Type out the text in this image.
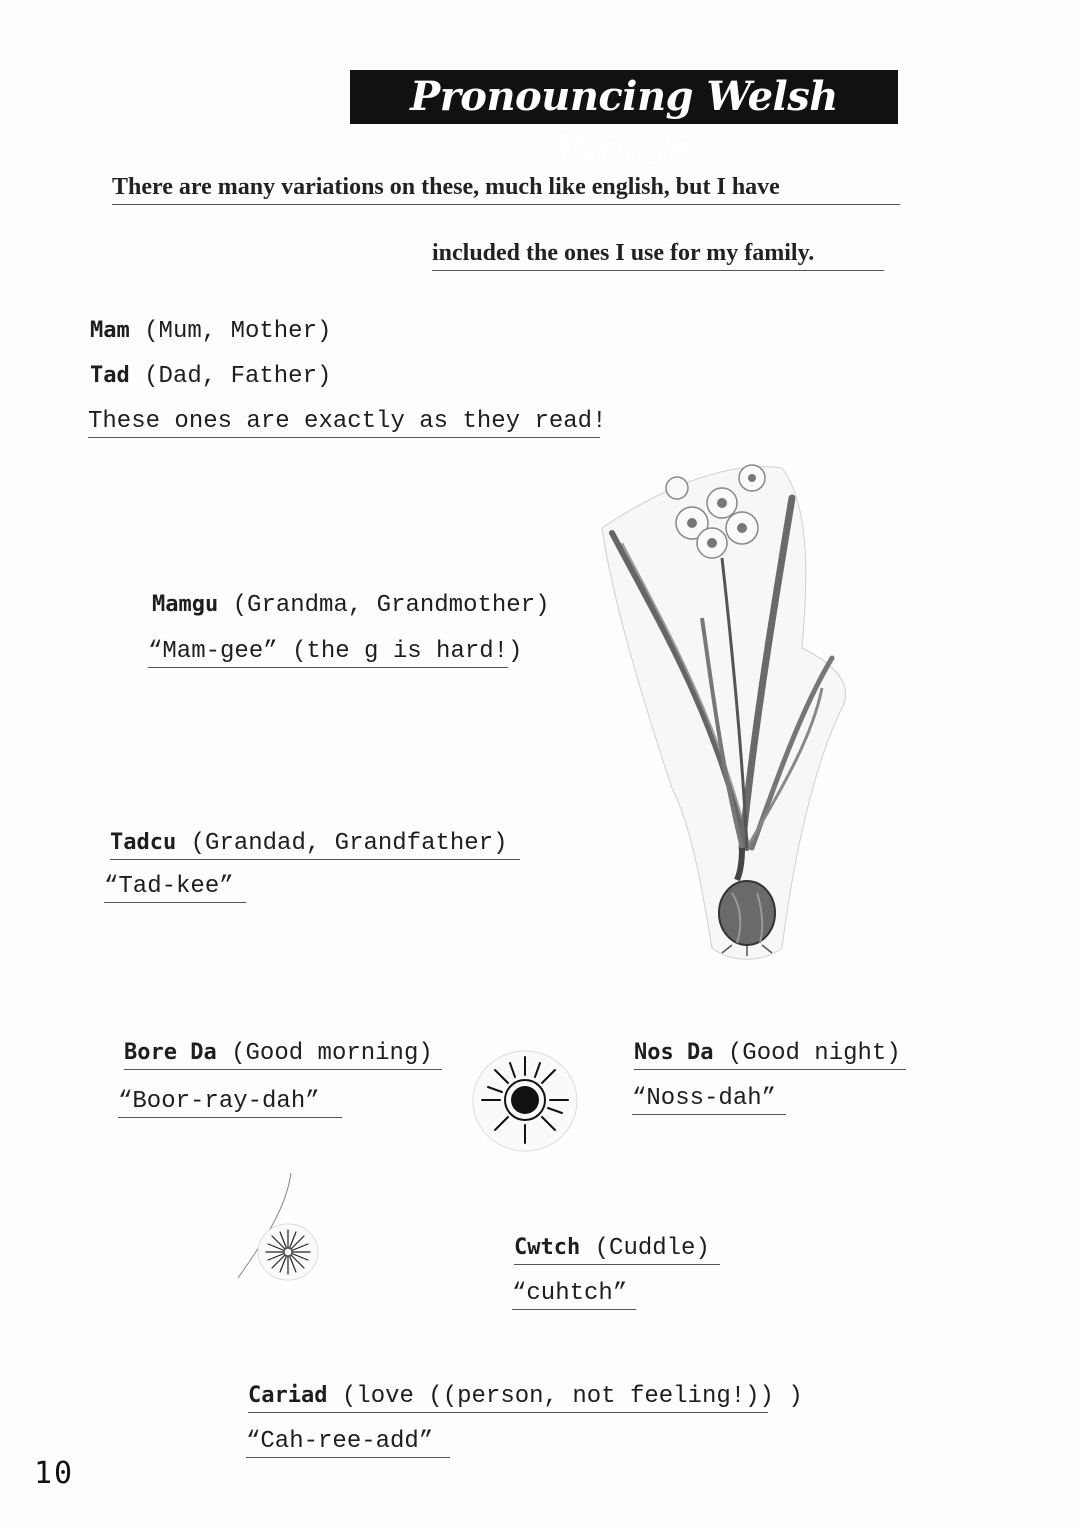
Pronouncing Welsh Words
There are many variations on these, much like english, but I have
included the ones I use for my family.
Mam (Mum, Mother)
Tad (Dad, Father)
These ones are exactly as they read!
Mamgu (Grandma, Grandmother)
“Mam-gee” (the g is hard!)
Tadcu (Grandad, Grandfather)
“Tad-kee”
Bore Da (Good morning)
“Boor-ray-dah”
Nos Da (Good night)
“Noss-dah”
Cwtch (Cuddle)
“cuhtch”
Cariad (love ((person, not feeling!)) )
“Cah-ree-add”
10
